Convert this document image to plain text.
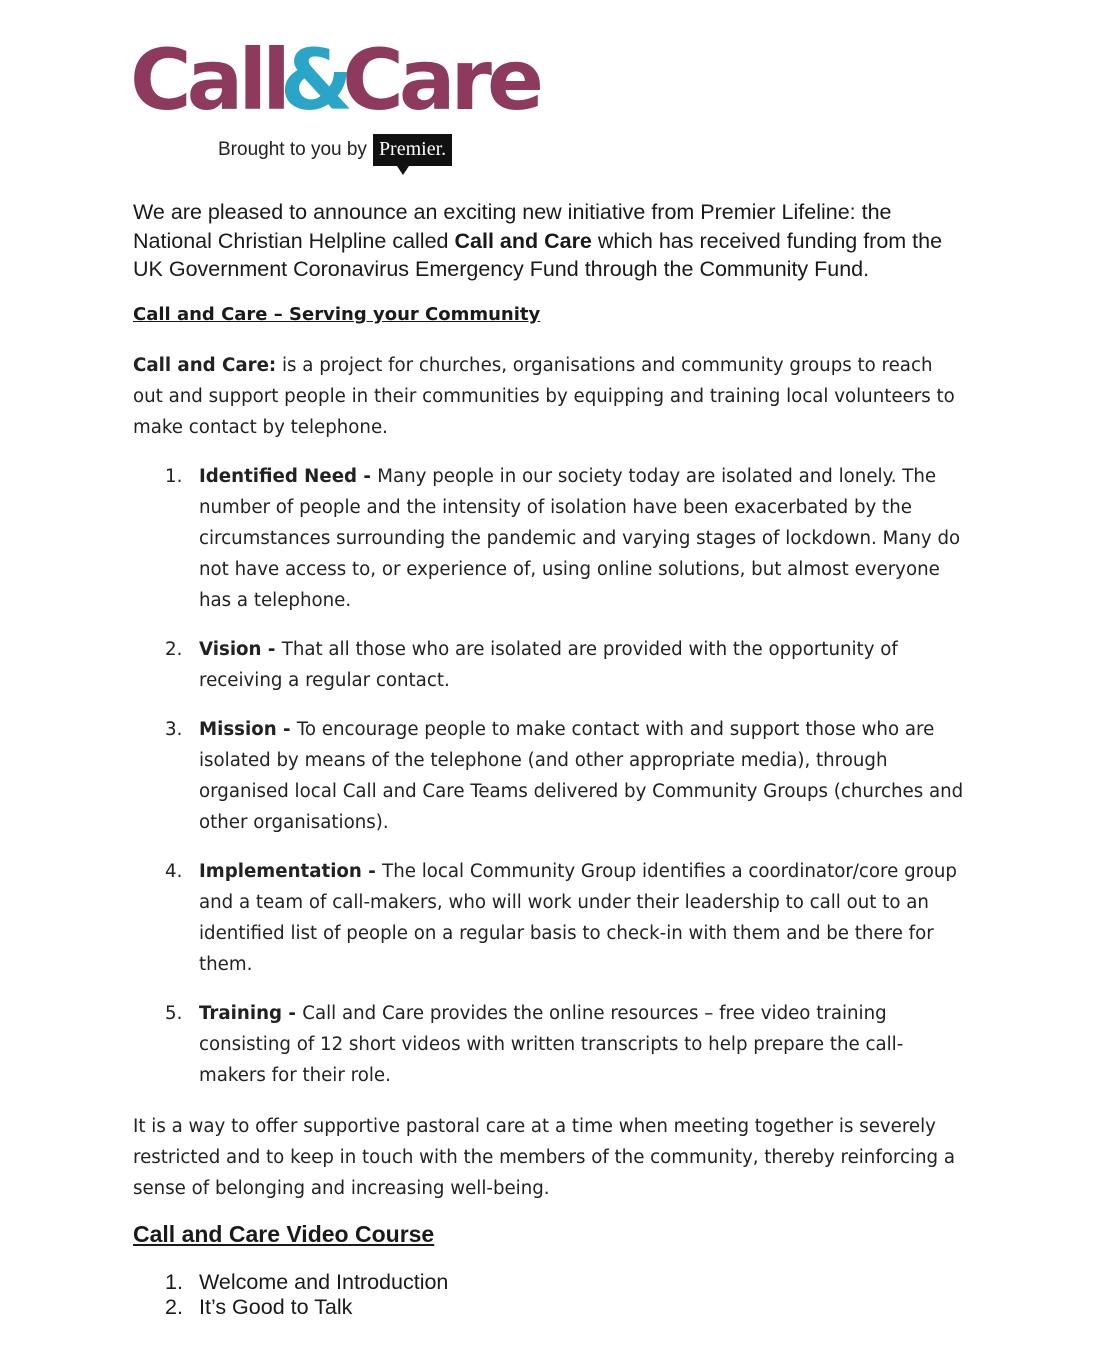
Call&Care
Brought to you by Premier.

We are pleased to announce an exciting new initiative from Premier Lifeline: the National Christian Helpline called Call and Care which has received funding from the UK Government Coronavirus Emergency Fund through the Community Fund.

Call and Care – Serving your Community

Call and Care: is a project for churches, organisations and community groups to reach out and support people in their communities by equipping and training local volunteers to make contact by telephone.

1. Identified Need - Many people in our society today are isolated and lonely. The number of people and the intensity of isolation have been exacerbated by the circumstances surrounding the pandemic and varying stages of lockdown. Many do not have access to, or experience of, using online solutions, but almost everyone has a telephone.
2. Vision - That all those who are isolated are provided with the opportunity of receiving a regular contact.
3. Mission - To encourage people to make contact with and support those who are isolated by means of the telephone (and other appropriate media), through organised local Call and Care Teams delivered by Community Groups (churches and other organisations).
4. Implementation - The local Community Group identifies a coordinator/core group and a team of call-makers, who will work under their leadership to call out to an identified list of people on a regular basis to check-in with them and be there for them.
5. Training - Call and Care provides the online resources – free video training consisting of 12 short videos with written transcripts to help prepare the call-makers for their role.

It is a way to offer supportive pastoral care at a time when meeting together is severely restricted and to keep in touch with the members of the community, thereby reinforcing a sense of belonging and increasing well-being.

Call and Care Video Course
1. Welcome and Introduction
2. It’s Good to Talk
